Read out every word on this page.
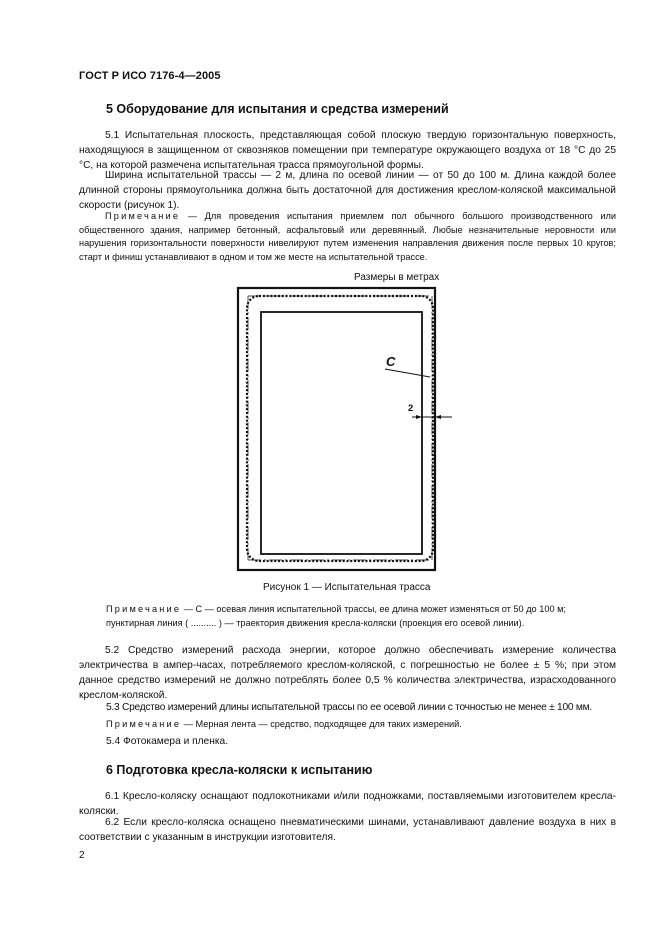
ГОСТ Р ИСО 7176-4—2005
5 Оборудование для испытания и средства измерений
5.1 Испытательная плоскость, представляющая собой плоскую твердую горизонтальную поверхность, находящуюся в защищенном от сквозняков помещении при температуре окружающего воздуха от 18 °C до 25 °C, на которой размечена испытательная трасса прямоугольной формы.
Ширина испытательной трассы — 2 м, длина по осевой линии — от 50 до 100 м. Длина каждой более длинной стороны прямоугольника должна быть достаточной для достижения креслом-коляской максимальной скорости (рисунок 1).
Примечание — Для проведения испытания приемлем пол обычного большого производственного или общественного здания, например бетонный, асфальтовый или деревянный. Любые незначительные неровности или нарушения горизонтальности поверхности нивелируют путем изменения направления движения после первых 10 кругов; старт и финиш устанавливают в одном и том же месте на испытательной трассе.
Размеры в метрах
C
2
Рисунок 1 — Испытательная трасса
Примечание — C — осевая линия испытательной трассы, ее длина может изменяться от 50 до 100 м; пунктирная линия ( .......... ) — траектория движения кресла-коляски (проекция его осевой линии).
5.2 Средство измерений расхода энергии, которое должно обеспечивать измерение количества электричества в ампер-часах, потребляемого креслом-коляской, с погрешностью не более ± 5 %; при этом данное средство измерений не должно потреблять более 0,5 % количества электричества, израсходованного креслом-коляской.
5.3 Средство измерений длины испытательной трассы по ее осевой линии с точностью не менее ± 100 мм.
Примечание — Мерная лента — средство, подходящее для таких измерений.
5.4 Фотокамера и пленка.
6 Подготовка кресла-коляски к испытанию
6.1 Кресло-коляску оснащают подлокотниками и/или подножками, поставляемыми изготовителем кресла-коляски.
6.2 Если кресло-коляска оснащено пневматическими шинами, устанавливают давление воздуха в них в соответствии с указанным в инструкции изготовителя.
2
